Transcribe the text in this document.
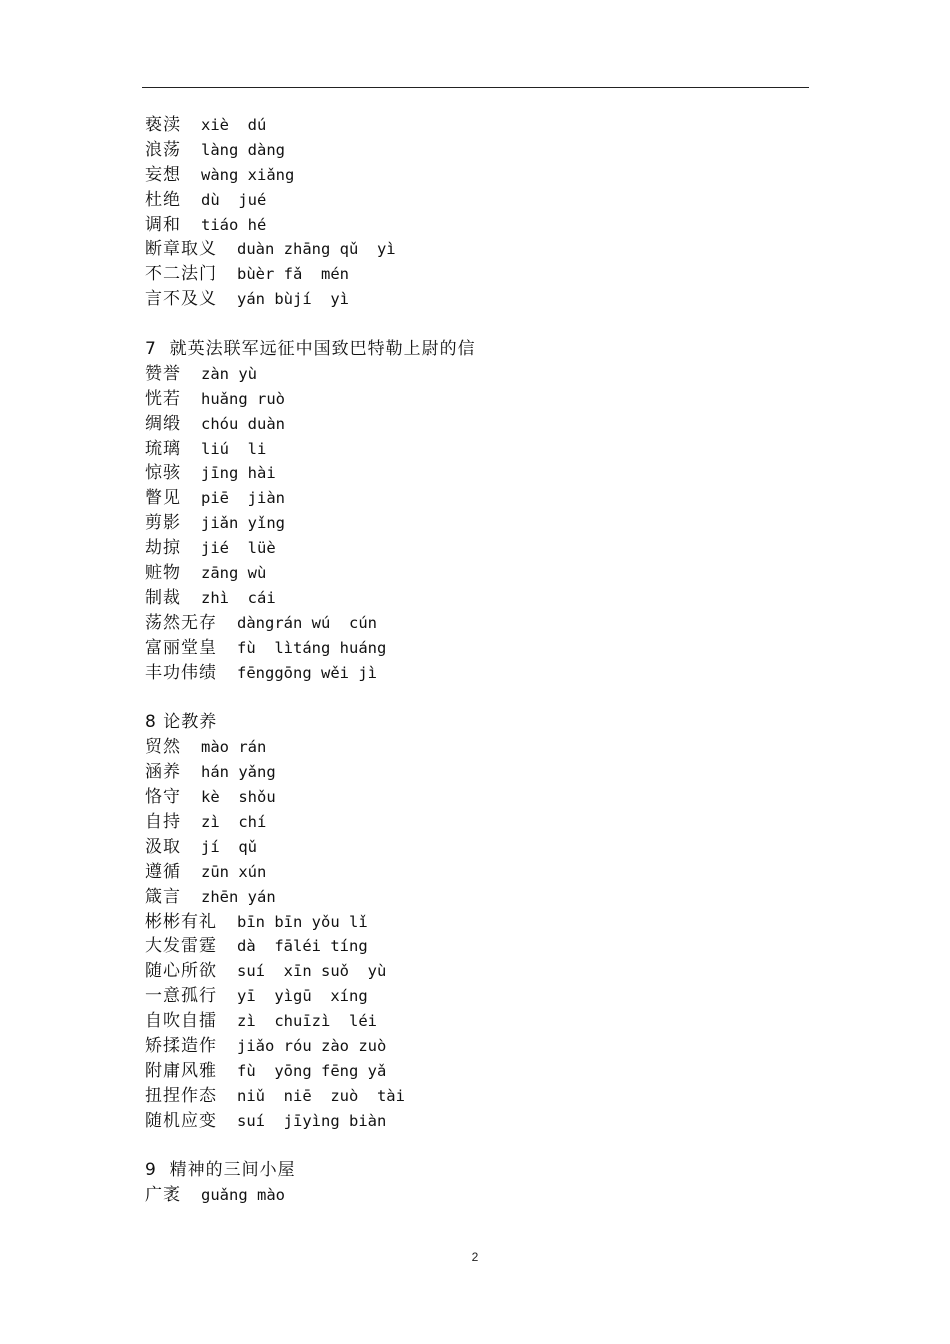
亵渎 xiè  dú
浪荡 làng dàng
妄想 wàng xiǎng
杜绝 dù  jué
调和 tiáo hé
断章取义 duàn zhāng qǔ  yì
不二法门 bùèr fǎ  mén
言不及义 yán bùjí  yì
7  就英法联军远征中国致巴特勒上尉的信
赞誉 zàn yù
恍若 huǎng ruò
绸缎 chóu duàn
琉璃 liú  li
惊骇 jīng hài
瞥见 piē  jiàn
剪影 jiǎn yǐng
劫掠 jié  lüè
赃物 zāng wù
制裁 zhì  cái
荡然无存 dàngrán wú  cún
富丽堂皇 fù  lìtáng huáng
丰功伟绩 fēnggōng wěi jì
8 论教养
贸然 mào rán
涵养 hán yǎng
恪守 kè  shǒu
自持 zì  chí
汲取 jí  qǔ
遵循 zūn xún
箴言 zhēn yán
彬彬有礼 bīn bīn yǒu lǐ
大发雷霆 dà  fāléi tíng
随心所欲 suí  xīn suǒ  yù
一意孤行 yī  yìgū  xíng
自吹自擂 zì  chuīzì  léi
矫揉造作 jiǎo róu zào zuò
附庸风雅 fù  yōng fēng yǎ
扭捏作态 niǔ  niē  zuò  tài
随机应变 suí  jīyìng biàn
9  精神的三间小屋
广袤 guǎng mào
2
